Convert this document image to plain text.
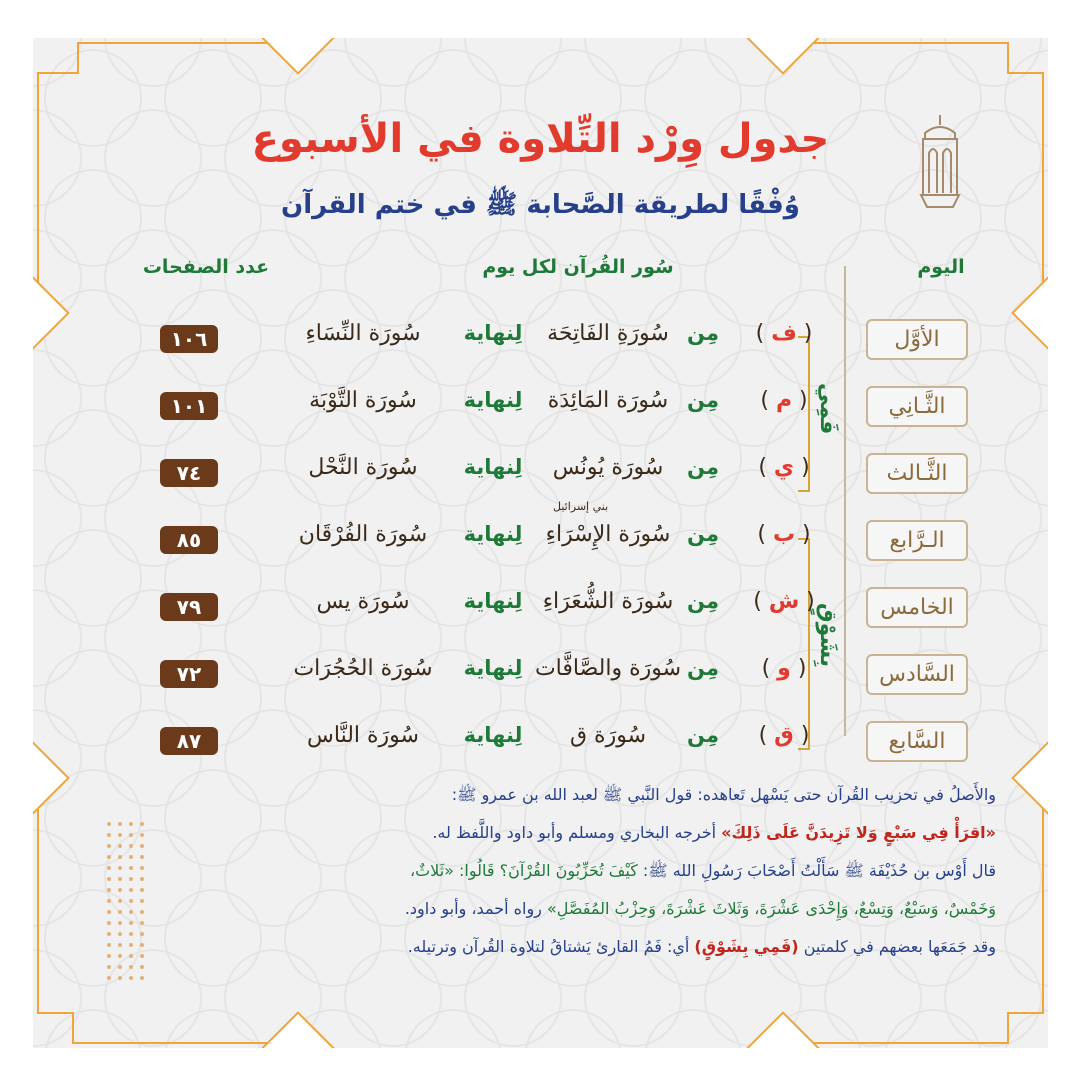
جدول وِرْد التِّلاوة في الأسبوع
وُفْقًا لطريقة الصَّحابة ﷺ في ختم القرآن
اليوم
سُور القُرآن لكل يوم
عدد الصفحات
فَمِي
بِشَوْقٍ
الأوَّل
( ف )
مِن
سُورَةِ الفَاتِحَة
لِنهاية
سُورَة النِّسَاءِ
١٠٦
الثَّـانِي
( م )
مِن
سُورَة المَائِدَة
لِنهاية
سُورَة التَّوْبَة
١٠١
الثَّـالث
( ي )
مِن
سُورَة يُونُس
لِنهاية
سُورَة النَّحْل
٧٤
الـرَّابع
( ب )
مِن
سُورَة الإِسْرَاءِ
لِنهاية
سُورَة الفُرْقَان
٨٥
بني إسرائيل
الخامس
( ش )
مِن
سُورَة الشُّعَرَاءِ
لِنهاية
سُورَة يس
٧٩
السَّادس
( و )
مِن
سُورَة والصَّافَّات
لِنهاية
سُورَة الحُجُرَات
٧٢
السَّابع
( ق )
مِن
سُورَة ق
لِنهاية
سُورَة النَّاس
٨٧
والأَصلُ في تحزيب القُرآن حتى يَسْهل تَعاهده: قول النَّبي ﷺ لعبد الله بن عمرو ﷺ:
«اقرَأْ فِي سَبْعٍ وَلا تَزِيدَنَّ عَلَى ذَلِكَ» أخرجه البخاري ومسلم وأبو داود واللَّفظ له.
قال أَوْس بن حُذَيْفَة ﷺ سَأَلْتُ أَصْحَابَ رَسُولِ الله ﷺ: كَيْفَ تُحَزِّبُونَ القُرْآنَ؟ قَالُوا: «ثَلاثٌ،
وَخَمْسٌ، وَسَبْعٌ، وَتِسْعٌ، وَإِحْدَى عَشْرَةَ، وَثَلاثَ عَشْرَةَ، وَحِزْبُ المُفَصَّلِ» رواه أحمد، وأبو داود.
وقد جَمَعَها بعضهم في كلمتين (فَمِي بِشَوْقٍ) أي: فَمُ القارئ يَشتاقُ لتلاوة القُرآن وترتيله.
